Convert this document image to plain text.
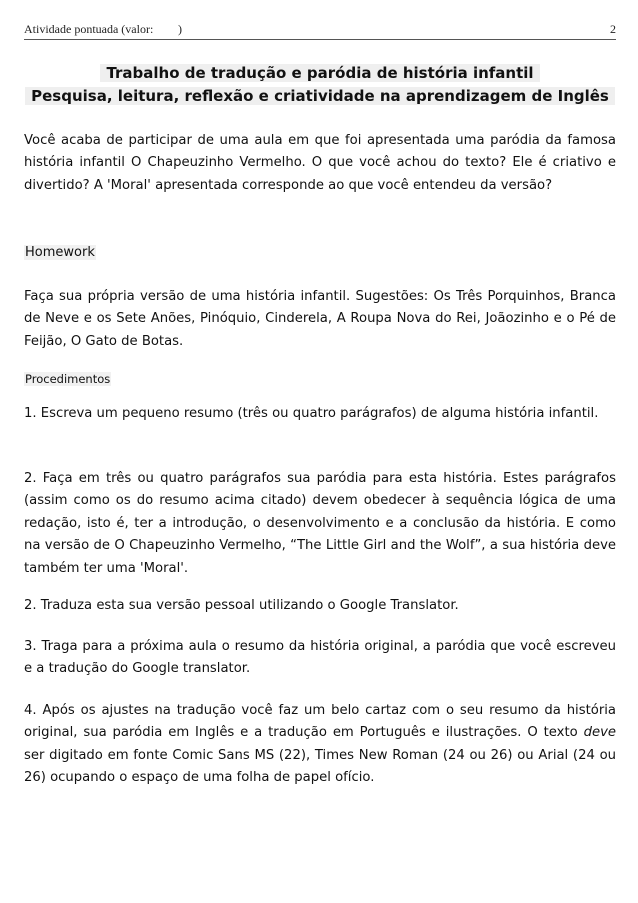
Atividade pontuada (valor: )	2
Trabalho de tradução e paródia de história infantil
Pesquisa, leitura, reflexão e criatividade na aprendizagem de Inglês

Você acaba de participar de uma aula em que foi apresentada uma paródia da famosa história infantil O Chapeuzinho Vermelho. O que você achou do texto? Ele é criativo e divertido? A 'Moral' apresentada corresponde ao que você entendeu da versão?

Homework

Faça sua própria versão de uma história infantil. Sugestões: Os Três Porquinhos, Branca de Neve e os Sete Anões, Pinóquio, Cinderela, A Roupa Nova do Rei, Joãozinho e o Pé de Feijão, O Gato de Botas.

Procedimentos

1. Escreva um pequeno resumo (três ou quatro parágrafos) de alguma história infantil.

2. Faça em três ou quatro parágrafos sua paródia para esta história. Estes parágrafos (assim como os do resumo acima citado) devem obedecer à sequência lógica de uma redação, isto é, ter a introdução, o desenvolvimento e a conclusão da história. E como na versão de O Chapeuzinho Vermelho, “The Little Girl and the Wolf”, a sua história deve também ter uma 'Moral'.

2. Traduza esta sua versão pessoal utilizando o Google Translator.

3. Traga para a próxima aula o resumo da história original, a paródia que você escreveu e a tradução do Google translator.

4. Após os ajustes na tradução você faz um belo cartaz com o seu resumo da história original, sua paródia em Inglês e a tradução em Português e ilustrações. O texto deve ser digitado em fonte Comic Sans MS (22), Times New Roman (24 ou 26) ou Arial (24 ou 26) ocupando o espaço de uma folha de papel ofício.
